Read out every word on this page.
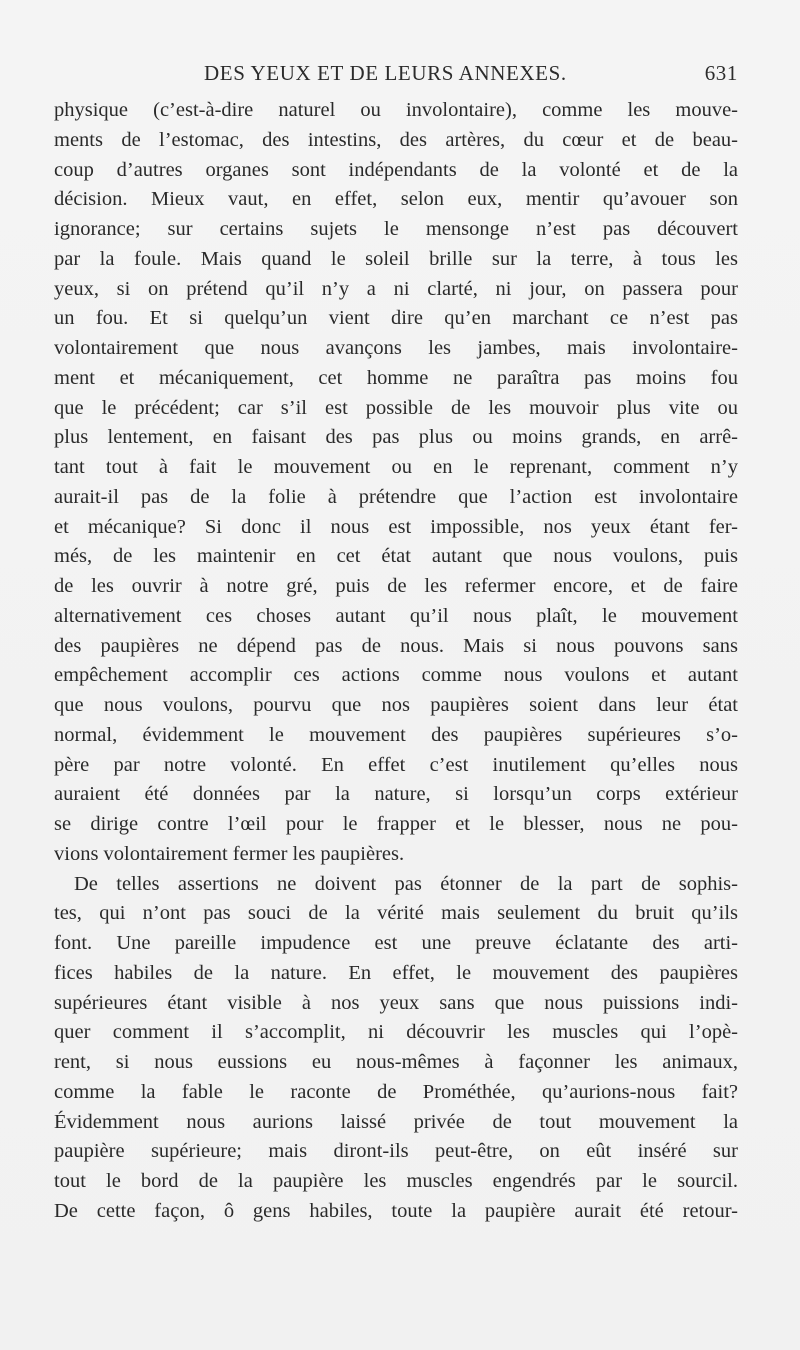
DES YEUX ET DE LEURS ANNEXES.	631
physique (c’est-à-dire naturel ou involontaire), comme les mouve-
ments de l’estomac, des intestins, des artères, du cœur et de beau-
coup d’autres organes sont indépendants de la volonté et de la
décision. Mieux vaut, en effet, selon eux, mentir qu’avouer son
ignorance; sur certains sujets le mensonge n’est pas découvert
par la foule. Mais quand le soleil brille sur la terre, à tous les
yeux, si on prétend qu’il n’y a ni clarté, ni jour, on passera pour
un fou. Et si quelqu’un vient dire qu’en marchant ce n’est pas
volontairement que nous avançons les jambes, mais involontaire-
ment et mécaniquement, cet homme ne paraîtra pas moins fou
que le précédent; car s’il est possible de les mouvoir plus vite ou
plus lentement, en faisant des pas plus ou moins grands, en arrê-
tant tout à fait le mouvement ou en le reprenant, comment n’y
aurait-il pas de la folie à prétendre que l’action est involontaire
et mécanique? Si donc il nous est impossible, nos yeux étant fer-
més, de les maintenir en cet état autant que nous voulons, puis
de les ouvrir à notre gré, puis de les refermer encore, et de faire
alternativement ces choses autant qu’il nous plaît, le mouvement
des paupières ne dépend pas de nous. Mais si nous pouvons sans
empêchement accomplir ces actions comme nous voulons et autant
que nous voulons, pourvu que nos paupières soient dans leur état
normal, évidemment le mouvement des paupières supérieures s’o-
père par notre volonté. En effet c’est inutilement qu’elles nous
auraient été données par la nature, si lorsqu’un corps extérieur
se dirige contre l’œil pour le frapper et le blesser, nous ne pou-
vions volontairement fermer les paupières.
De telles assertions ne doivent pas étonner de la part de sophis-
tes, qui n’ont pas souci de la vérité mais seulement du bruit qu’ils
font. Une pareille impudence est une preuve éclatante des arti-
fices habiles de la nature. En effet, le mouvement des paupières
supérieures étant visible à nos yeux sans que nous puissions indi-
quer comment il s’accomplit, ni découvrir les muscles qui l’opè-
rent, si nous eussions eu nous-mêmes à façonner les animaux,
comme la fable le raconte de Prométhée, qu’aurions-nous fait?
Évidemment nous aurions laissé privée de tout mouvement la
paupière supérieure; mais diront-ils peut-être, on eût inséré sur
tout le bord de la paupière les muscles engendrés par le sourcil.
De cette façon, ô gens habiles, toute la paupière aurait été retour-
